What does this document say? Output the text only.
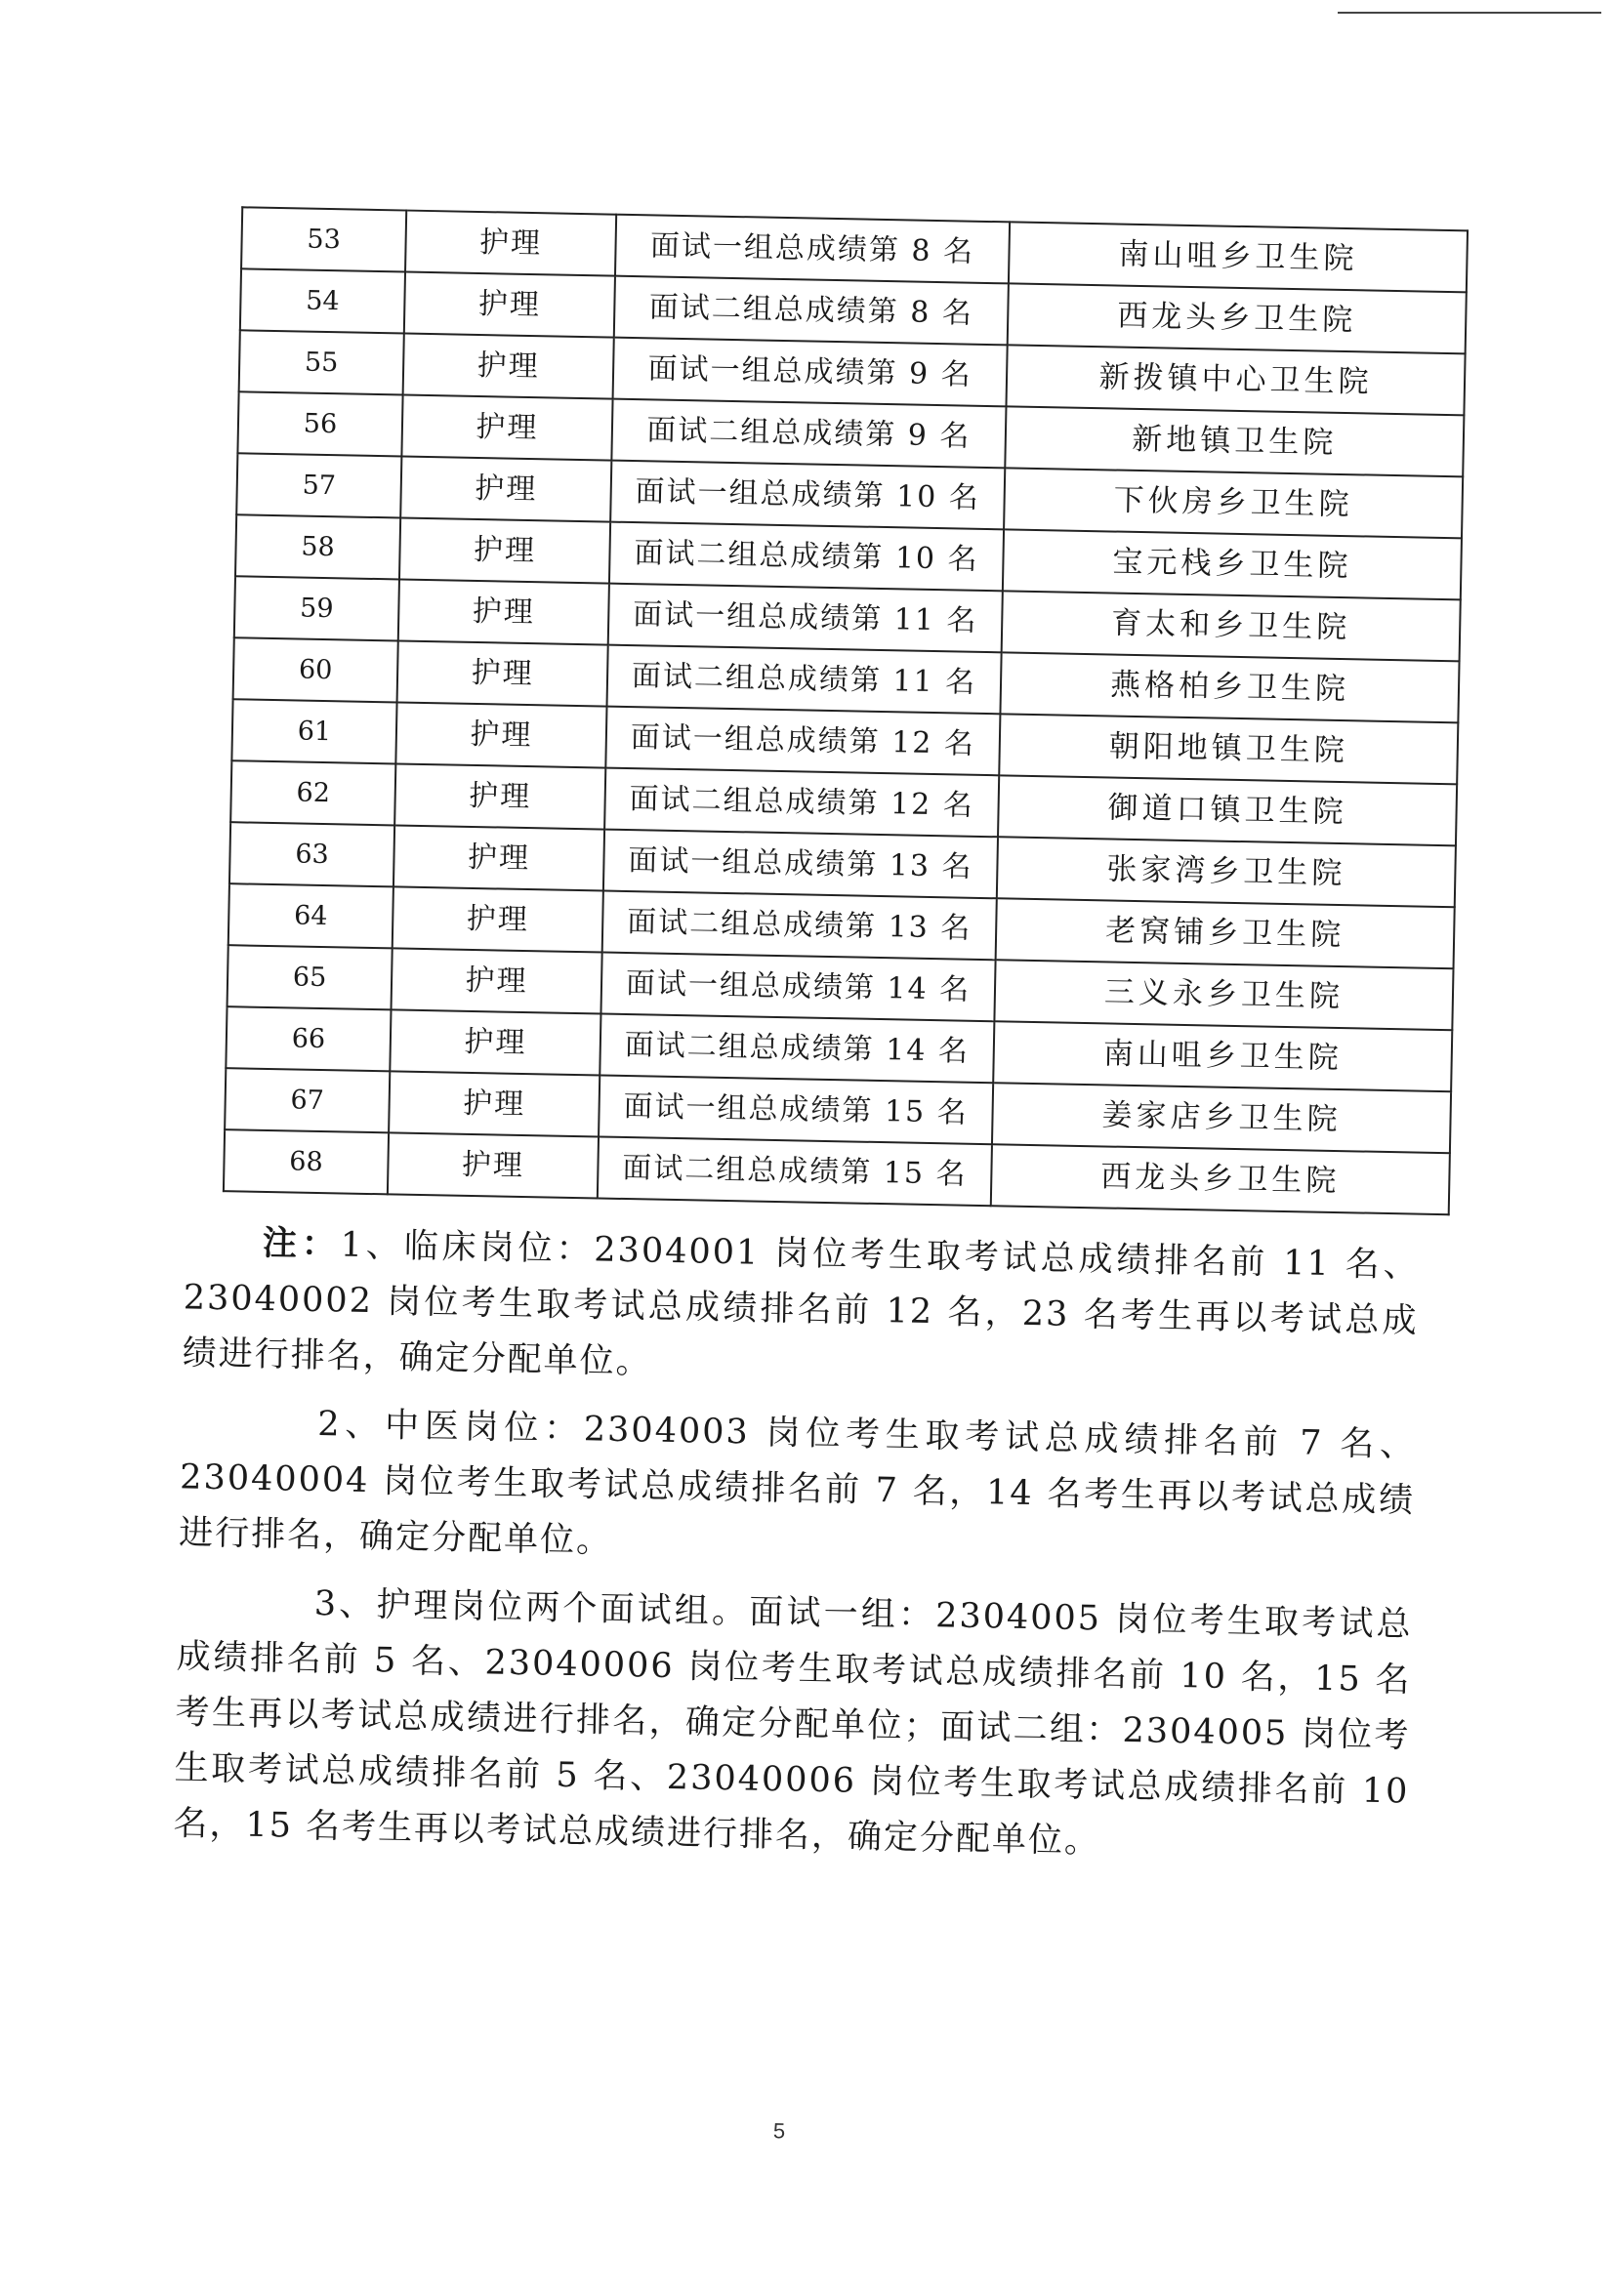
53	护理	面试一组总成绩第 8 名	南山咀乡卫生院
54	护理	面试二组总成绩第 8 名	西龙头乡卫生院
55	护理	面试一组总成绩第 9 名	新拨镇中心卫生院
56	护理	面试二组总成绩第 9 名	新地镇卫生院
57	护理	面试一组总成绩第 10 名	下伙房乡卫生院
58	护理	面试二组总成绩第 10 名	宝元栈乡卫生院
59	护理	面试一组总成绩第 11 名	育太和乡卫生院
60	护理	面试二组总成绩第 11 名	燕格柏乡卫生院
61	护理	面试一组总成绩第 12 名	朝阳地镇卫生院
62	护理	面试二组总成绩第 12 名	御道口镇卫生院
63	护理	面试一组总成绩第 13 名	张家湾乡卫生院
64	护理	面试二组总成绩第 13 名	老窝铺乡卫生院
65	护理	面试一组总成绩第 14 名	三义永乡卫生院
66	护理	面试二组总成绩第 14 名	南山咀乡卫生院
67	护理	面试一组总成绩第 15 名	姜家店乡卫生院
68	护理	面试二组总成绩第 15 名	西龙头乡卫生院

注：1、临床岗位：2304001 岗位考生取考试总成绩排名前 11 名、23040002 岗位考生取考试总成绩排名前 12 名，23 名考生再以考试总成绩进行排名，确定分配单位。

2、中医岗位：2304003 岗位考生取考试总成绩排名前 7 名、23040004 岗位考生取考试总成绩排名前 7 名，14 名考生再以考试总成绩进行排名，确定分配单位。

3、护理岗位两个面试组。面试一组：2304005 岗位考生取考试总成绩排名前 5 名、23040006 岗位考生取考试总成绩排名前 10 名，15 名考生再以考试总成绩进行排名，确定分配单位；面试二组：2304005 岗位考生取考试总成绩排名前 5 名、23040006 岗位考生取考试总成绩排名前 10 名，15 名考生再以考试总成绩进行排名，确定分配单位。

5
